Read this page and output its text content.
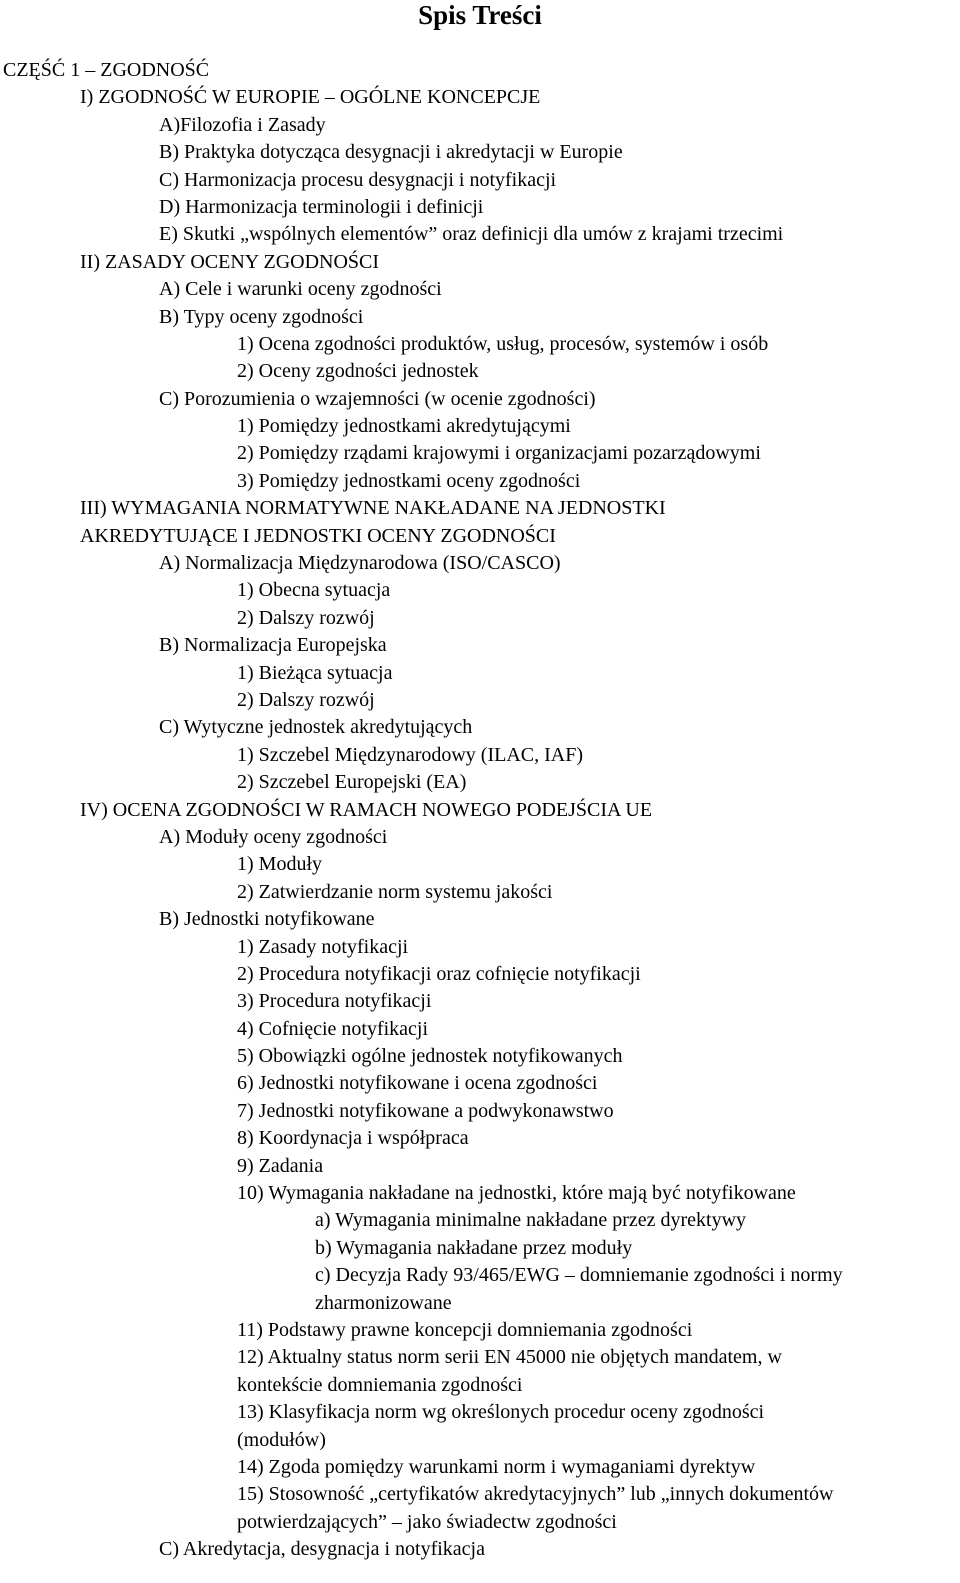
Spis Treści

CZĘŚĆ 1 – ZGODNOŚĆ

I) ZGODNOŚĆ W EUROPIE – OGÓLNE KONCEPCJE

A)Filozofia i Zasady

B) Praktyka dotycząca desygnacji i akredytacji w Europie

C) Harmonizacja procesu desygnacji i notyfikacji

D) Harmonizacja terminologii i definicji

E) Skutki „wspólnych elementów” oraz definicji dla umów z krajami trzecimi

II) ZASADY OCENY ZGODNOŚCI

A) Cele i warunki oceny zgodności

B) Typy oceny zgodności

1) Ocena zgodności produktów, usług, procesów, systemów i osób

2) Oceny zgodności jednostek

C) Porozumienia o wzajemności (w ocenie zgodności)

1) Pomiędzy jednostkami akredytującymi

2) Pomiędzy rządami krajowymi i organizacjami pozarządowymi

3) Pomiędzy jednostkami oceny zgodności

III) WYMAGANIA NORMATYWNE NAKŁADANE NA JEDNOSTKI

AKREDYTUJĄCE I JEDNOSTKI OCENY ZGODNOŚCI

A) Normalizacja Międzynarodowa (ISO/CASCO)

1) Obecna sytuacja

2) Dalszy rozwój

B) Normalizacja Europejska

1) Bieżąca sytuacja

2) Dalszy rozwój

C) Wytyczne jednostek akredytujących

1) Szczebel Międzynarodowy (ILAC, IAF)

2) Szczebel Europejski (EA)

IV) OCENA ZGODNOŚCI W RAMACH NOWEGO PODEJŚCIA UE

A) Moduły oceny zgodności

1) Moduły

2) Zatwierdzanie norm systemu jakości

B) Jednostki notyfikowane

1) Zasady notyfikacji

2) Procedura notyfikacji oraz cofnięcie notyfikacji

3) Procedura notyfikacji

4) Cofnięcie notyfikacji

5) Obowiązki ogólne jednostek notyfikowanych

6) Jednostki notyfikowane i ocena zgodności

7) Jednostki notyfikowane a podwykonawstwo

8) Koordynacja i współpraca

9) Zadania

10) Wymagania nakładane na jednostki, które mają być notyfikowane

a) Wymagania minimalne nakładane przez dyrektywy

b) Wymagania nakładane przez moduły

c) Decyzja Rady 93/465/EWG – domniemanie zgodności i normy

zharmonizowane

11) Podstawy prawne koncepcji domniemania zgodności

12) Aktualny status norm serii EN 45000 nie objętych mandatem, w

kontekście domniemania zgodności

13) Klasyfikacja norm wg określonych procedur oceny zgodności

(modułów)

14) Zgoda pomiędzy warunkami norm i wymaganiami dyrektyw

15) Stosowność „certyfikatów akredytacyjnych” lub „innych dokumentów

potwierdzających” – jako świadectw zgodności

C) Akredytacja, desygnacja i notyfikacja
